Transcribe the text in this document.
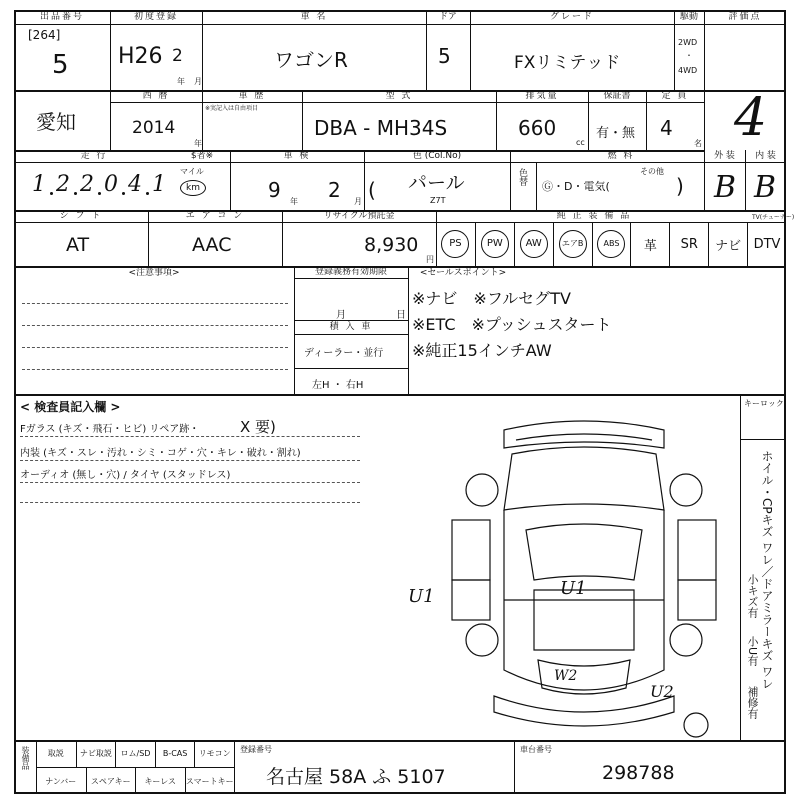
出品番号
[264]
5
初度登録
H26 2
年 月
車 名
ワゴンR
ドア
5
グレード
FXリミテッド
駆動
2WD
・
4WD
評価点
4
愛知
西 暦
2014
年
車 歴
※実記入は自由項目
型 式
DBA - MH34S
排気量
660
cc
保証書
有・無
定 員
4
名
走 行	$者※
1 2 2 0 4 1
マイル
km
車 検
9 年 2 月
色 (Col.No)
( パール
Z7T
色替
燃 料
Ⓖ・D・電気(
その他
)
外 装
B
内 装
B
シ フ ト
AT
エ ア コ ン
AAC
リサイクル預託金
8,930
円
純 正 装 備 品	TV(チューナー)
PS	PW	AW	エアB	ABS	革 SR ナビ DTV
<注意事項>	登録義務有効期限
月	日
積 入 車
ディーラー・並行
左H ・ 右H
<セールスポイント>
※ナビ　※フルセグTV
※ETC　※プッシュスタート
※純正15インチAW
< 検査員記入欄 >
Fガラス (キズ・飛石・ヒビ) リペア跡・	X 要)
内装 (キズ・スレ・汚れ・シミ・コゲ・穴・キレ・破れ・割れ)
オーディオ (無し・穴) / タイヤ (スタッドレス)
キーロック
ホイル・CPキズ ワレ／ドアミラーキズ ワレ
小キズ有
小U有
補修有
U1	U1
W2
U2
装備品	取説	ナビ取説	ロム/SD	B-CAS	リモコン
ナンバー	スペアキー	キーレス	スマートキー
登録番号
名古屋 58A ふ 5107
車台番号
298788
